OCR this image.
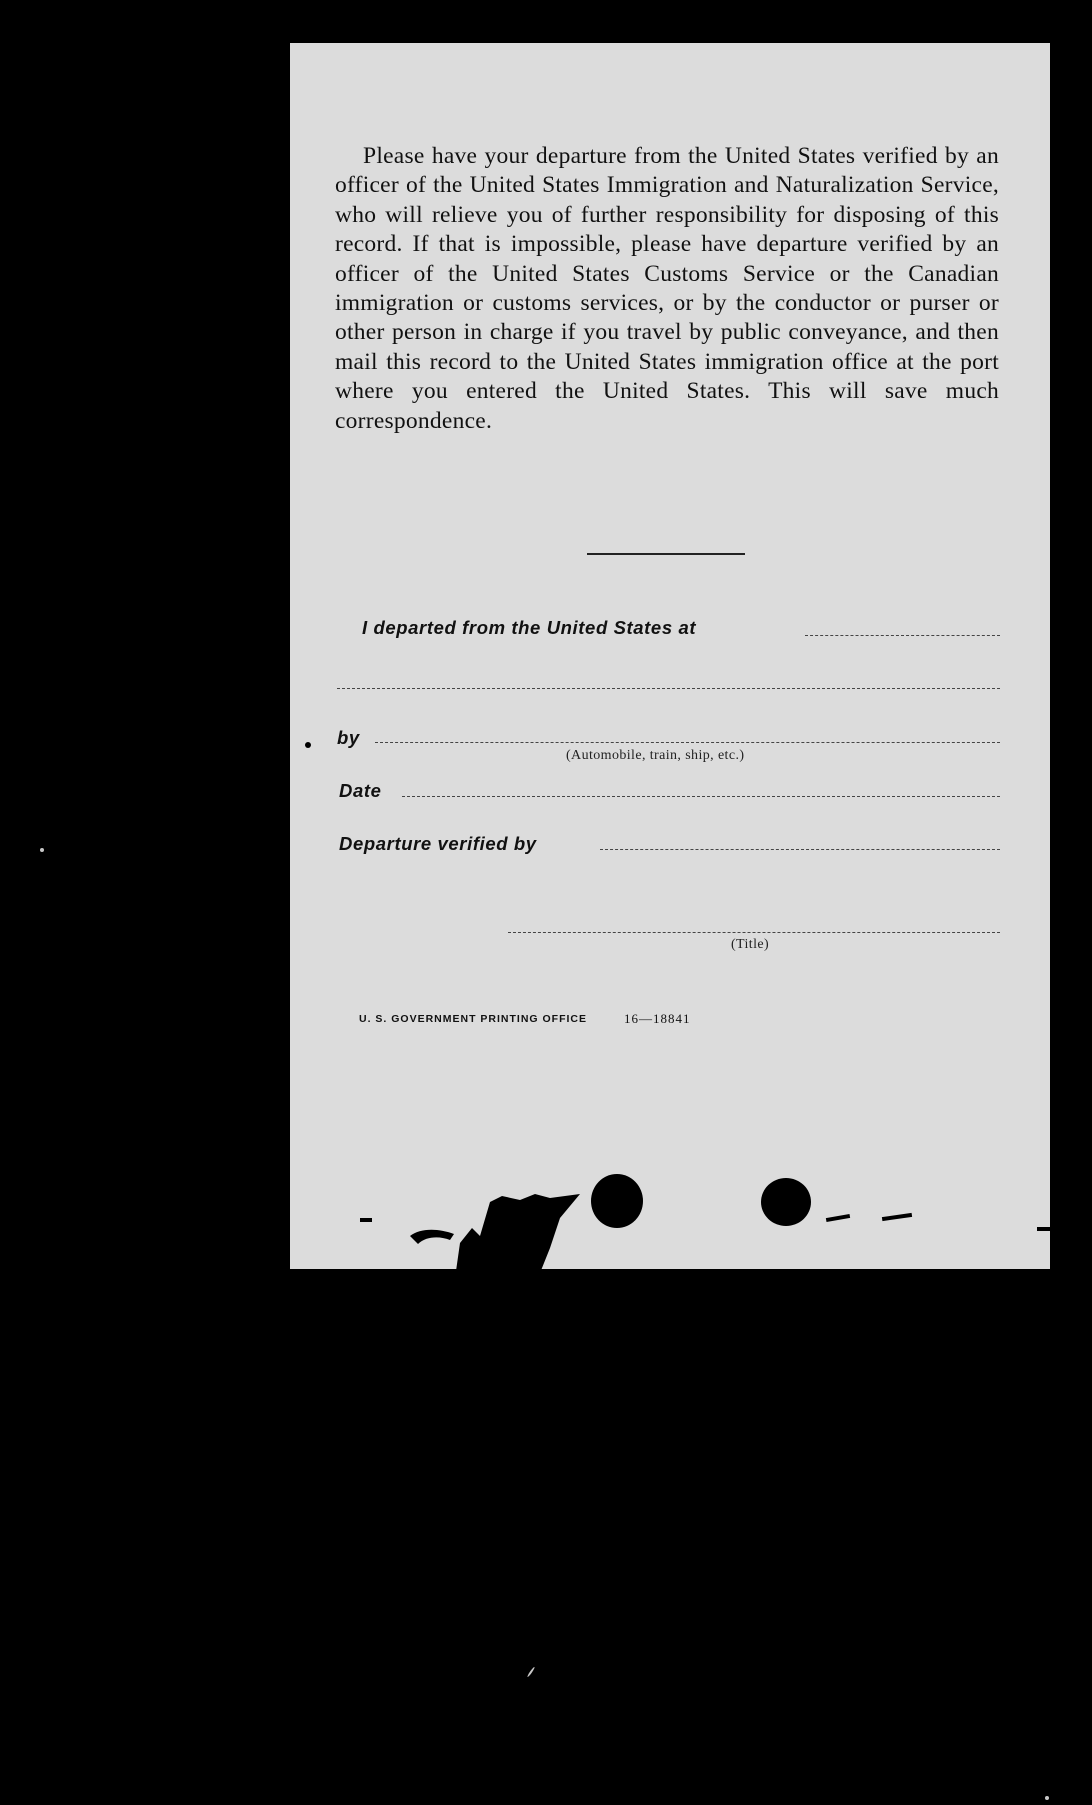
Please have your departure from the United States verified by an officer of the United States Immigration and Naturalization Service, who will relieve you of further responsibility for disposing of this record. If that is impossible, please have departure verified by an officer of the United States Customs Service or the Canadian immigration or customs services, or by the conductor or purser or other person in charge if you travel by public conveyance, and then mail this record to the United States immigration office at the port where you entered the United States. This will save much correspondence.

I departed from the United States at
by
(Automobile, train, ship, etc.)
Date
Departure verified by
(Title)
U. S. GOVERNMENT PRINTING OFFICE	16—18841
